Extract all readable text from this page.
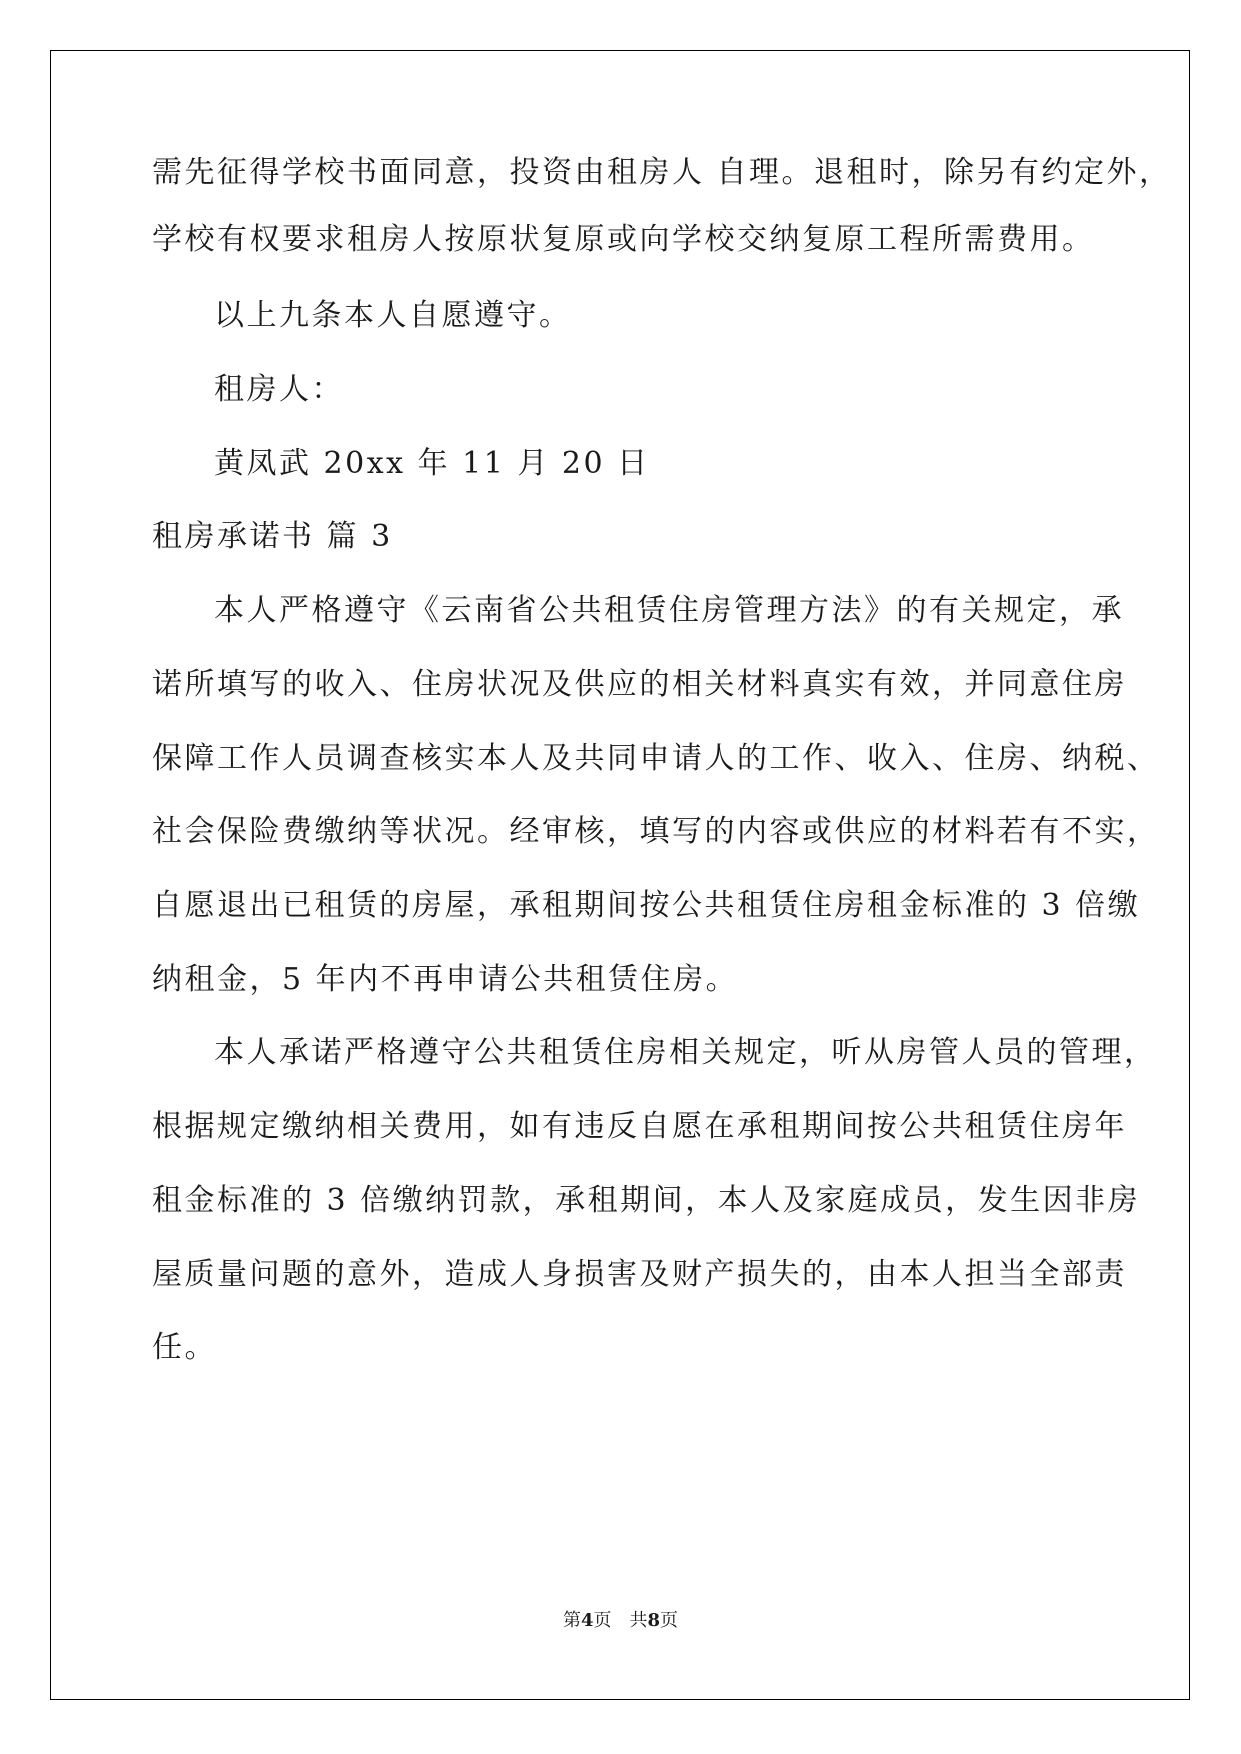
需先征得学校书面同意，投资由租房人 自理。退租时，除另有约定外，
学校有权要求租房人按原状复原或向学校交纳复原工程所需费用。
以上九条本人自愿遵守。
租房人：
黄凤武 20xx 年 11 月 20 日
租房承诺书 篇 3
本人严格遵守《云南省公共租赁住房管理方法》的有关规定，承
诺所填写的收入、住房状况及供应的相关材料真实有效，并同意住房
保障工作人员调查核实本人及共同申请人的工作、收入、住房、纳税、
社会保险费缴纳等状况。经审核，填写的内容或供应的材料若有不实，
自愿退出已租赁的房屋，承租期间按公共租赁住房租金标准的 3 倍缴
纳租金，5 年内不再申请公共租赁住房。
本人承诺严格遵守公共租赁住房相关规定，听从房管人员的管理，
根据规定缴纳相关费用，如有违反自愿在承租期间按公共租赁住房年
租金标准的 3 倍缴纳罚款，承租期间，本人及家庭成员，发生因非房
屋质量问题的意外，造成人身损害及财产损失的，由本人担当全部责
任。
第4页　共8页
